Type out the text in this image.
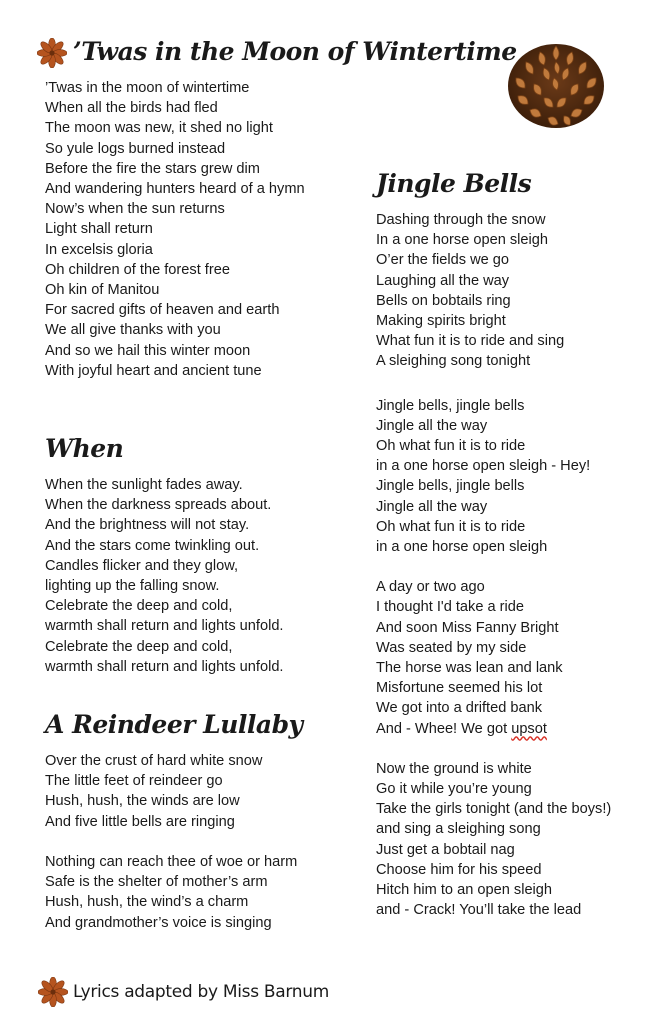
’Twas in the Moon of Wintertime
’Twas in the moon of wintertime
When all the birds had fled
The moon was new, it shed no light
So yule logs burned instead
Before the fire the stars grew dim
And wandering hunters heard of a hymn
Now’s when the sun returns
Light shall return
In excelsis gloria
Oh children of the forest free
Oh kin of Manitou
For sacred gifts of heaven and earth
We all give thanks with you
And so we hail this winter moon
With joyful heart and ancient tune
When
When the sunlight fades away.
When the darkness spreads about.
And the brightness will not stay.
And the stars come twinkling out.
Candles flicker and they glow,
lighting up the falling snow.
Celebrate the deep and cold,
warmth shall return and lights unfold.
Celebrate the deep and cold,
warmth shall return and lights unfold.
A Reindeer Lullaby
Over the crust of hard white snow
The little feet of reindeer go
Hush, hush, the winds are low
And five little bells are ringing
Nothing can reach thee of woe or harm
Safe is the shelter of mother’s arm
Hush, hush, the wind’s a charm
And grandmother’s voice is singing
Jingle Bells
Dashing through the snow
In a one horse open sleigh
O’er the fields we go
Laughing all the way
Bells on bobtails ring
Making spirits bright
What fun it is to ride and sing
A sleighing song tonight
Jingle bells, jingle bells
Jingle all the way
Oh what fun it is to ride
in a one horse open sleigh - Hey!
Jingle bells, jingle bells
Jingle all the way
Oh what fun it is to ride
in a one horse open sleigh
A day or two ago
I thought I'd take a ride
And soon Miss Fanny Bright
Was seated by my side
The horse was lean and lank
Misfortune seemed his lot
We got into a drifted bank
And - Whee! We got upsot
Now the ground is white
Go it while you’re young
Take the girls tonight (and the boys!)
and sing a sleighing song
Just get a bobtail nag
Choose him for his speed
Hitch him to an open sleigh
and - Crack! You’ll take the lead
Lyrics adapted by Miss Barnum
